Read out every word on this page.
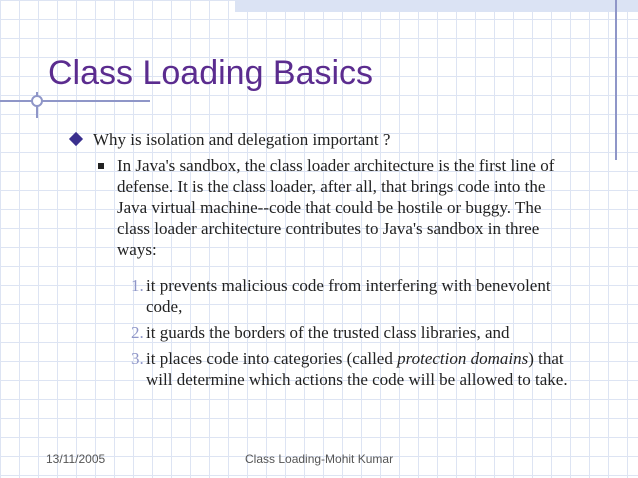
Class Loading Basics
Why is isolation and delegation important ?
In Java's sandbox, the class loader architecture is the first line of defense. It is the class loader, after all, that brings code into the Java virtual machine--code that could be hostile or buggy. The class loader architecture contributes to Java's sandbox in three ways:
1. it prevents malicious code from interfering with benevolent code,
2. it guards the borders of the trusted class libraries, and
3. it places code into categories (called protection domains) that will determine which actions the code will be allowed to take.
13/11/2005	Class Loading-Mohit Kumar
